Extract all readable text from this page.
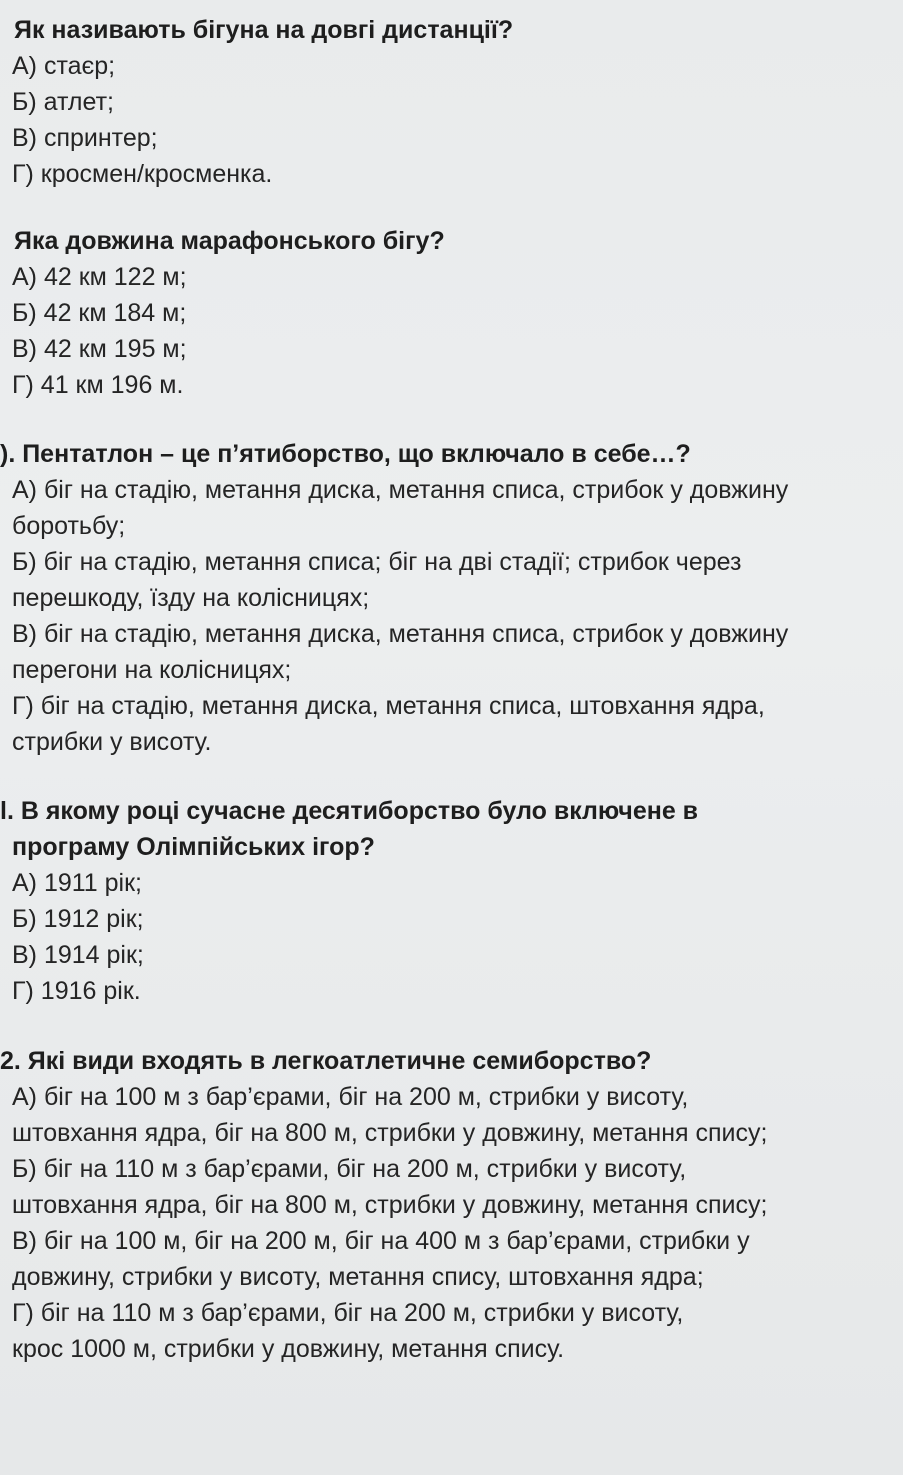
Як називають бігуна на довгі дистанції?

А) стаєр;

Б) атлет;

В) спринтер;

Г) кросмен/кросменка.

Яка довжина марафонського бігу?

А) 42 км 122 м;

Б) 42 км 184 м;

В) 42 км 195 м;

Г) 41 км 196 м.

). Пентатлон – це п’ятиборство, що включало в себе…?

А) біг на стадію, метання диска, метання списа, стрибок у довжину

боротьбу;

Б) біг на стадію, метання списа; біг на дві стадії; стрибок через

перешкоду, їзду на колісницях;

В) біг на стадію, метання диска, метання списа, стрибок у довжину

перегони на колісницях;

Г) біг на стадію, метання диска, метання списа, штовхання ядра,

стрибки у висоту.

l. В якому році сучасне десятиборство було включене в

програму Олімпійських ігор?

А) 1911 рік;

Б) 1912 рік;

В) 1914 рік;

Г) 1916 рік.

2. Які види входять в легкоатлетичне семиборство?

А) біг на 100 м з бар’єрами, біг на 200 м, стрибки у висоту,

штовхання ядра, біг на 800 м, стрибки у довжину, метання спису;

Б) біг на 110 м з бар’єрами, біг на 200 м, стрибки у висоту,

штовхання ядра, біг на 800 м, стрибки у довжину, метання спису;

В) біг на 100 м, біг на 200 м, біг на 400 м з бар’єрами, стрибки у

довжину, стрибки у висоту, метання спису, штовхання ядра;

Г) біг на 110 м з бар’єрами, біг на 200 м, стрибки у висоту,

крос 1000 м, стрибки у довжину, метання спису.
